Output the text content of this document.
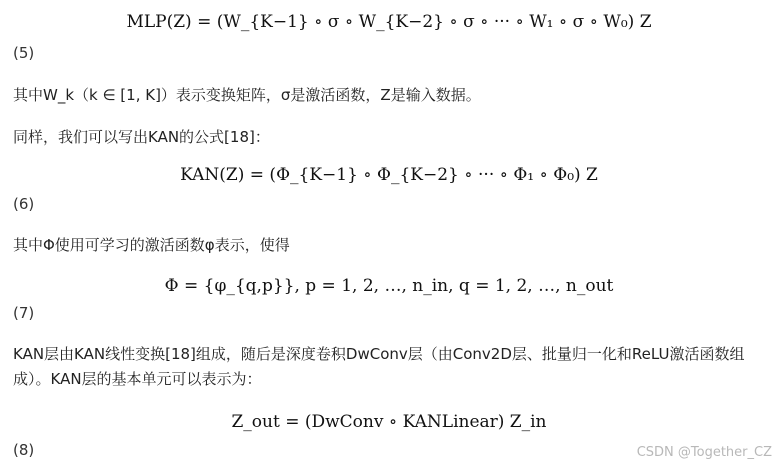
MLP(Z) = (W_{K−1} ∘ σ ∘ W_{K−2} ∘ σ ∘ ··· ∘ W₁ ∘ σ ∘ W₀) Z
(5)
其中W_k（k ∈ [1, K]）表示变换矩阵，σ是激活函数，Z是输入数据。
同样，我们可以写出KAN的公式[18]：
KAN(Z) = (Φ_{K−1} ∘ Φ_{K−2} ∘ ··· ∘ Φ₁ ∘ Φ₀) Z
(6)
其中Φ使用可学习的激活函数φ表示，使得
Φ = {φ_{q,p}}, p = 1, 2, …, n_in, q = 1, 2, …, n_out
(7)
KAN层由KAN线性变换[18]组成，随后是深度卷积DwConv层（由Conv2D层、批量归一化和ReLU激活函数组成）。KAN层的基本单元可以表示为：
Z_out = (DwConv ∘ KANLinear) Z_in
(8)	CSDN @Together_CZ
